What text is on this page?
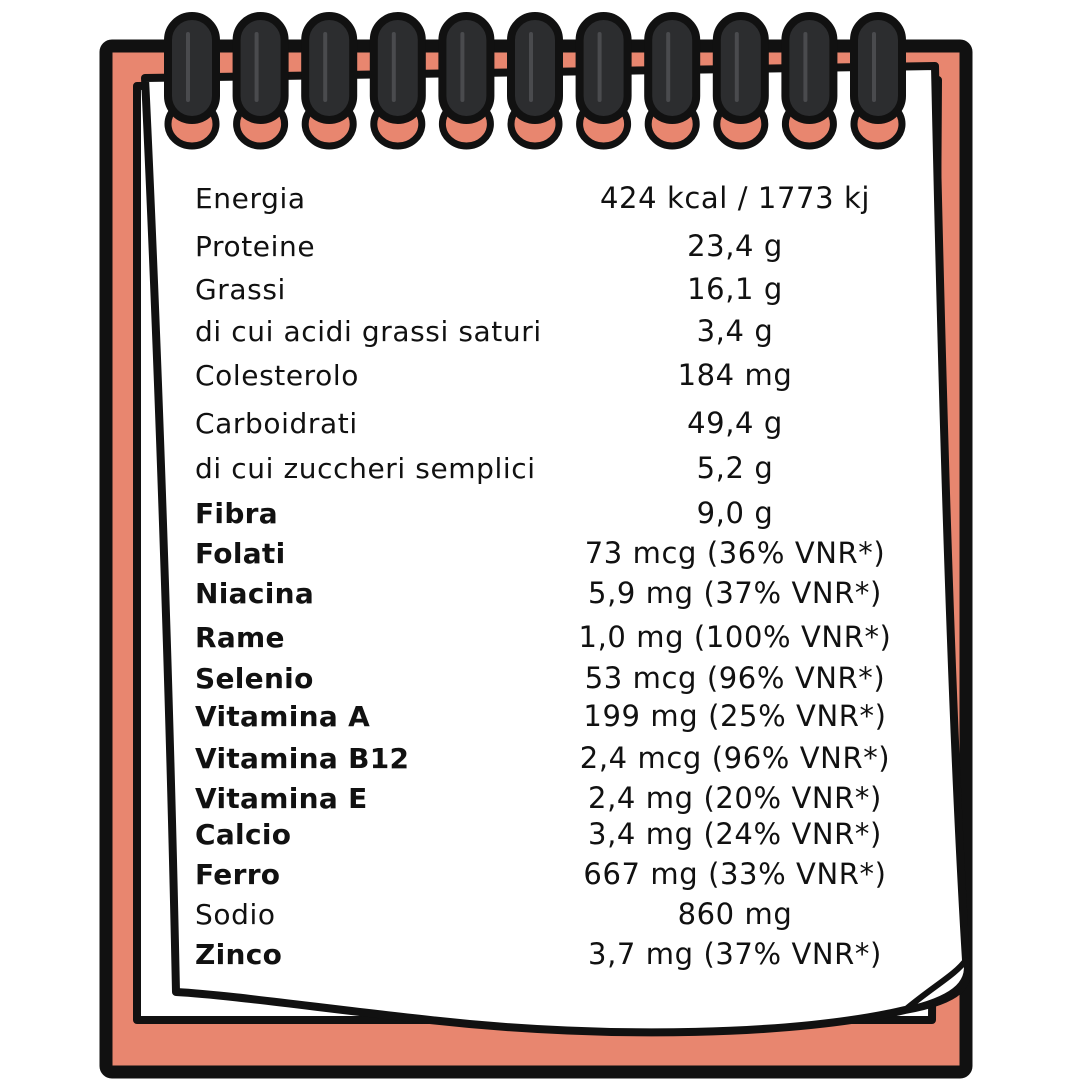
Energia	424 kcal / 1773 kj
Proteine	23,4 g
Grassi	16,1 g
di cui acidi grassi saturi	3,4 g
Colesterolo	184 mg
Carboidrati	49,4 g
di cui zuccheri semplici	5,2 g
Fibra	9,0 g
Folati	73 mcg (36% VNR*)
Niacina	5,9 mg (37% VNR*)
Rame	1,0 mg (100% VNR*)
Selenio	53 mcg (96% VNR*)
Vitamina A	199 mg (25% VNR*)
Vitamina B12	2,4 mcg (96% VNR*)
Vitamina E	2,4 mg (20% VNR*)
Calcio	3,4 mg (24% VNR*)
Ferro	667 mg (33% VNR*)
Sodio	860 mg
Zinco	3,7 mg (37% VNR*)
